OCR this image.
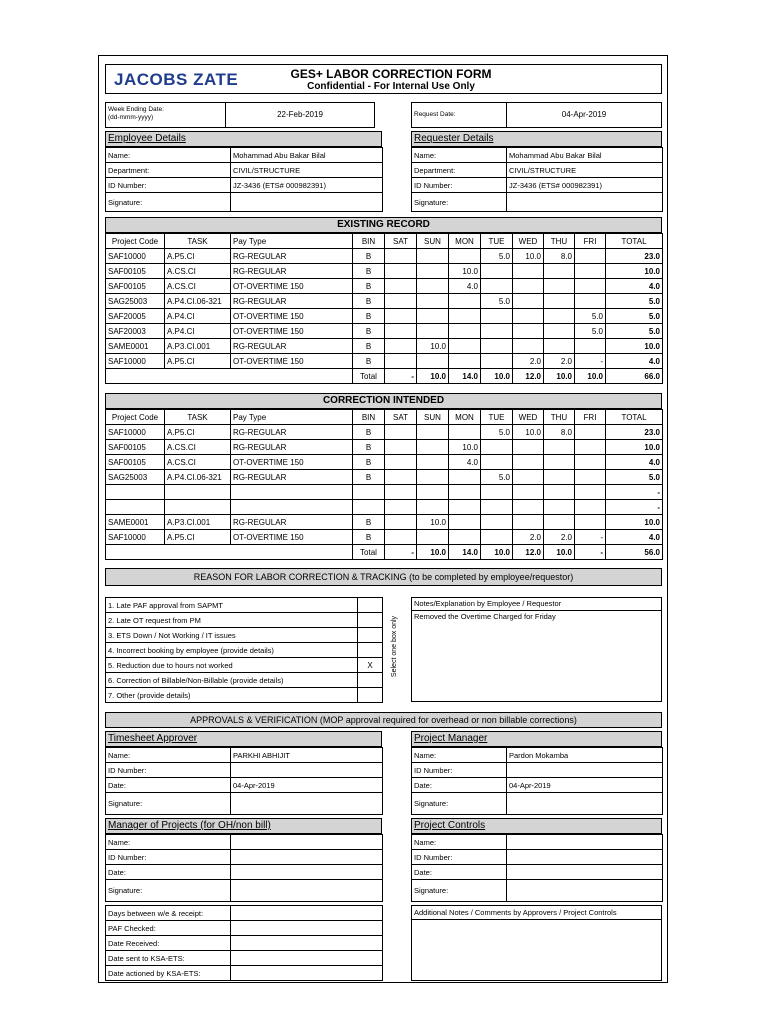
JACOBS ZATE	GES+ LABOR CORRECTION FORM
Confidential - For Internal Use Only
Week Ending Date:
(dd-mmm-yyyy)	22-Feb-2019	Request Date:	04-Apr-2019
Employee Details
Name:	Mohammad Abu Bakar Bilal
Department:	CIVIL/STRUCTURE
ID Number:	JZ-3436 (ETS# 000982391)
Signature:	
Requester Details
Name:	Mohammad Abu Bakar Bilal
Department:	CIVIL/STRUCTURE
ID Number:	JZ-3436 (ETS# 000982391)
Signature:	
EXISTING RECORD
Project Code	TASK	Pay Type	BIN	SAT	SUN	MON	TUE	WED	THU	FRI	TOTAL
SAF10000	A.P5.CI	RG-REGULAR	B				5.0	10.0	8.0		23.0
SAF00105	A.CS.CI	RG-REGULAR	B			10.0					10.0
SAF00105	A.CS.CI	OT-OVERTIME 150	B			4.0					4.0
SAG25003	A.P4.CI.06-321	RG-REGULAR	B				5.0				5.0
SAF20005	A.P4.CI	OT-OVERTIME 150	B							5.0	5.0
SAF20003	A.P4.CI	OT-OVERTIME 150	B							5.0	5.0
SAME0001	A.P3.CI.001	RG-REGULAR	B		10.0						10.0
SAF10000	A.P5.CI	OT-OVERTIME 150	B					2.0	2.0	-	4.0
			Total	-	10.0	14.0	10.0	12.0	10.0	10.0	66.0
CORRECTION INTENDED
Project Code	TASK	Pay Type	BIN	SAT	SUN	MON	TUE	WED	THU	FRI	TOTAL
SAF10000	A.P5.CI	RG-REGULAR	B				5.0	10.0	8.0		23.0
SAF00105	A.CS.CI	RG-REGULAR	B			10.0					10.0
SAF00105	A.CS.CI	OT-OVERTIME 150	B			4.0					4.0
SAG25003	A.P4.CI.06-321	RG-REGULAR	B				5.0				5.0
											-
											-
SAME0001	A.P3.CI.001	RG-REGULAR	B		10.0						10.0
SAF10000	A.P5.CI	OT-OVERTIME 150	B					2.0	2.0	-	4.0
			Total	-	10.0	14.0	10.0	12.0	10.0	-	56.0
REASON FOR LABOR CORRECTION & TRACKING (to be completed by employee/requestor)
1. Late PAF approval from SAPMT	
2. Late OT request from PM	
3. ETS Down / Not Working / IT issues	
4. Incorrect booking by employee (provide details)	
5. Reduction due to hours not worked	X
6. Correction of Billable/Non-Billable (provide details)	
7. Other (provide details)	
Select one box only
Notes/Explanation by Employee / Requestor
Removed the Overtime Charged for Friday
APPROVALS & VERIFICATION (MOP approval required for overhead or non billable corrections)
Timesheet Approver
Name:	PARKHI ABHIJIT
ID Number:	
Date:	04-Apr-2019
Signature:	
Project Manager
Name:	Pardon Mokamba
ID Number:	
Date:	04-Apr-2019
Signature:	
Manager of Projects (for OH/non bill)
Name:	
ID Number:	
Date:	
Signature:	
Project Controls
Name:	
ID Number:	
Date:	
Signature:	
Days between w/e & receipt:	
PAF Checked:	
Date Received:	
Date sent to KSA-ETS:	
Date actioned by KSA-ETS:	
Additional Notes / Comments by Approvers / Project Controls
